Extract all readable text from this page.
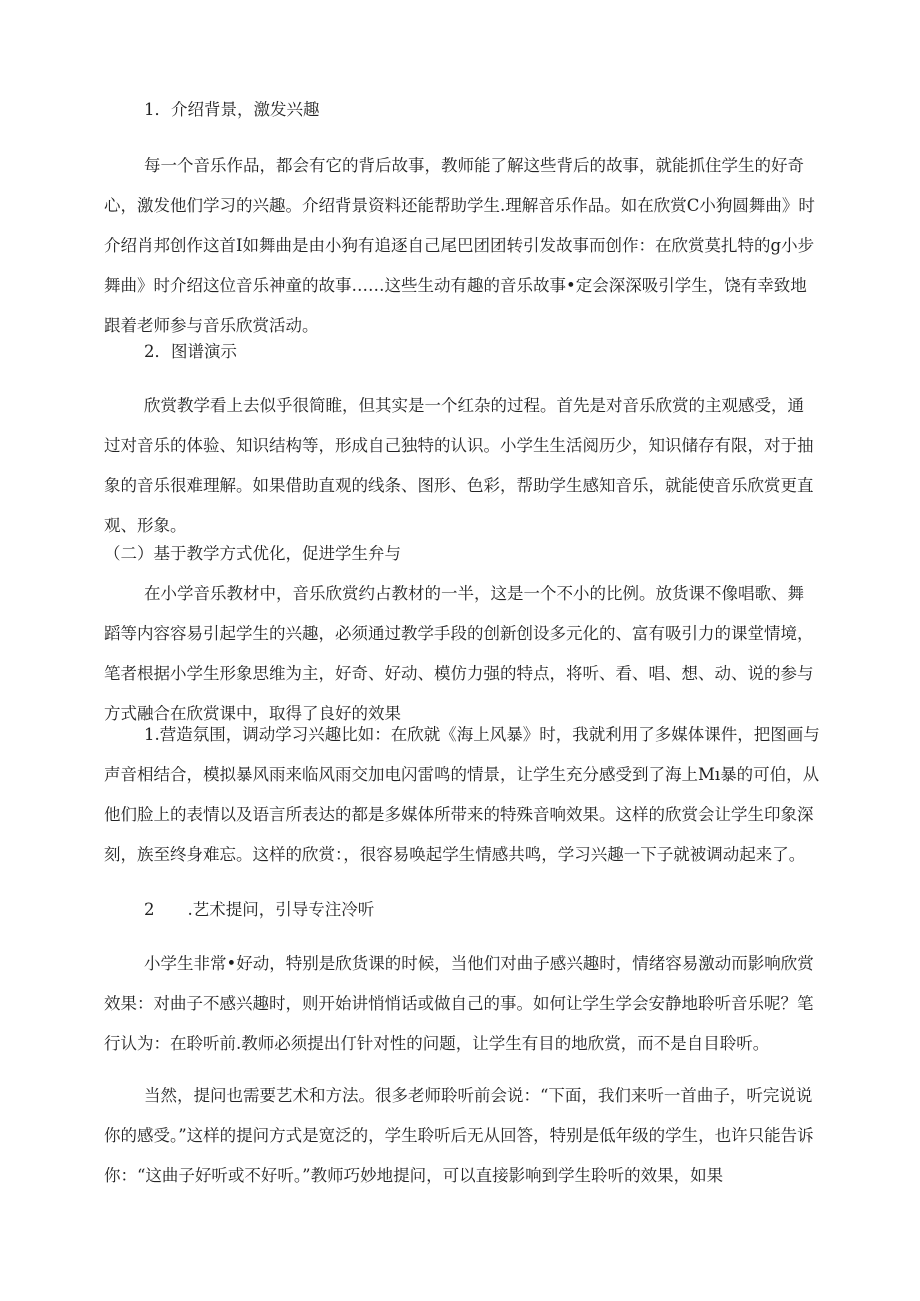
1．介绍背景，激发兴趣

每一个音乐作品，都会有它的背后故事，教师能了解这些背后的故事，就能抓住学生的好奇心，激发他们学习的兴趣。介绍背景资料还能帮助学生.理解音乐作品。如在欣赏C小狗圆舞曲》时介绍肖邦创作这首I如舞曲是由小狗有追逐自己尾巴团团转引发故事而创作：在欣赏莫扎特的g小步舞曲》时介绍这位音乐神童的故事……这些生动有趣的音乐故事•定会深深吸引学生，饶有幸致地跟着老师参与音乐欣赏活动。

2．图谱演示

欣赏教学看上去似乎很简睢，但其实是一个红杂的过程。首先是对音乐欣赏的主观感受，通过对音乐的体验、知识结构等，形成自己独特的认识。小学生生活阅历少，知识储存有限，对于抽象的音乐很难理解。如果借助直观的线条、图形、色彩，帮助学生感知音乐，就能使音乐欣赏更直观、形象。

（二）基于教学方式优化，促进学生弁与

在小学音乐教材中，音乐欣赏约占教材的一半，这是一个不小的比例。放货课不像唱歌、舞蹈等内容容易引起学生的兴趣，必须通过教学手段的创新创设多元化的、富有吸引力的课堂情境，笔者根据小学生形象思维为主，好奇、好动、模仿力强的特点，将听、看、唱、想、动、说的参与方式融合在欣赏课中，取得了良好的效果

1.营造氛围，调动学习兴趣比如：在欣就《海上风暴》时，我就利用了多媒体课件，把图画与声音相结合，模拟暴风雨来临风雨交加电闪雷鸣的情景，让学生充分感受到了海上Mı暴的可伯，从他们脸上的表情以及语言所表达的都是多媒体所带来的特殊音响效果。这样的欣赏会让学生印象深刻，族至终身难忘。这样的欣赏：，很容易唤起学生情感共鸣，学习兴趣一下子就被调动起来了。

2　　.艺术提问，引导专注冷听

小学生非常•好动，特别是欣货课的时候，当他们对曲子感兴趣时，情绪容易激动而影响欣赏效果：对曲子不感兴趣时，则开始讲悄悄话或做自己的事。如何让学生学会安静地聆听音乐呢？笔行认为：在聆听前.教师必须提出仃针对性的问题，让学生有目的地欣赏，而不是自目聆听。

当然，提问也需要艺术和方法。很多老师聆听前会说：“下面，我们来听一首曲子，听完说说你的感受。”这样的提问方式是宽泛的，学生聆听后无从回答，特别是低年级的学生，也许只能告诉你：“这曲子好听或不好听。”教师巧妙地提问，可以直接影响到学生聆听的效果，如果
